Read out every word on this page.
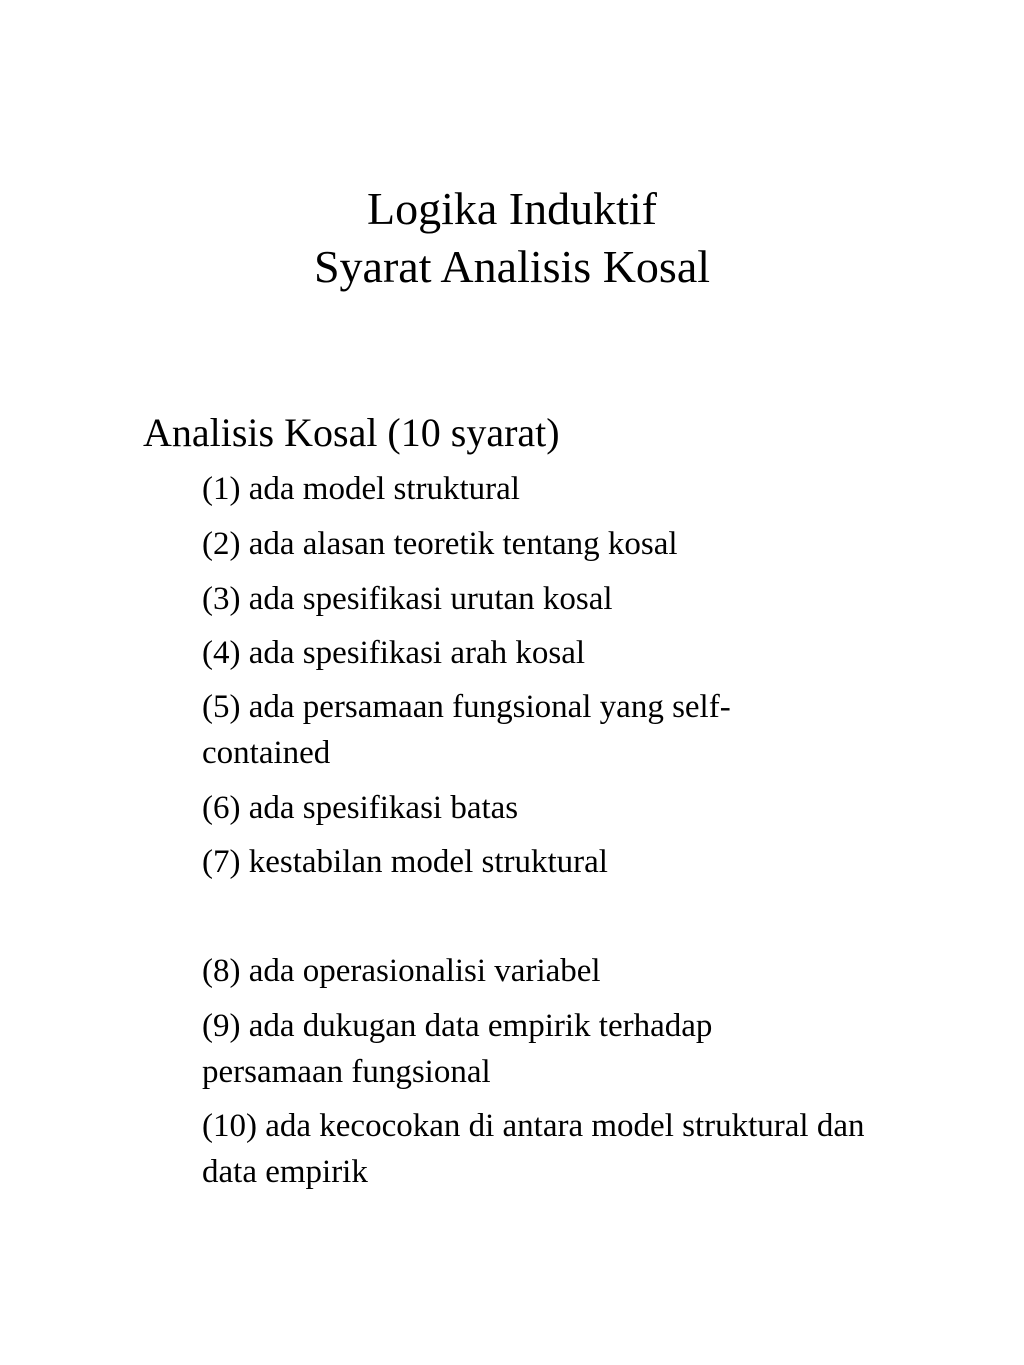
Logika Induktif
Syarat Analisis Kosal
Analisis Kosal (10 syarat)
(1) ada model struktural
(2) ada alasan teoretik tentang kosal
(3) ada spesifikasi urutan kosal
(4) ada spesifikasi arah kosal
(5) ada persamaan fungsional yang self-contained
(6) ada spesifikasi batas
(7) kestabilan model struktural
(8) ada operasionalisi variabel
(9) ada dukugan data empirik terhadap persamaan fungsional
(10) ada kecocokan di antara model struktural dan data empirik
